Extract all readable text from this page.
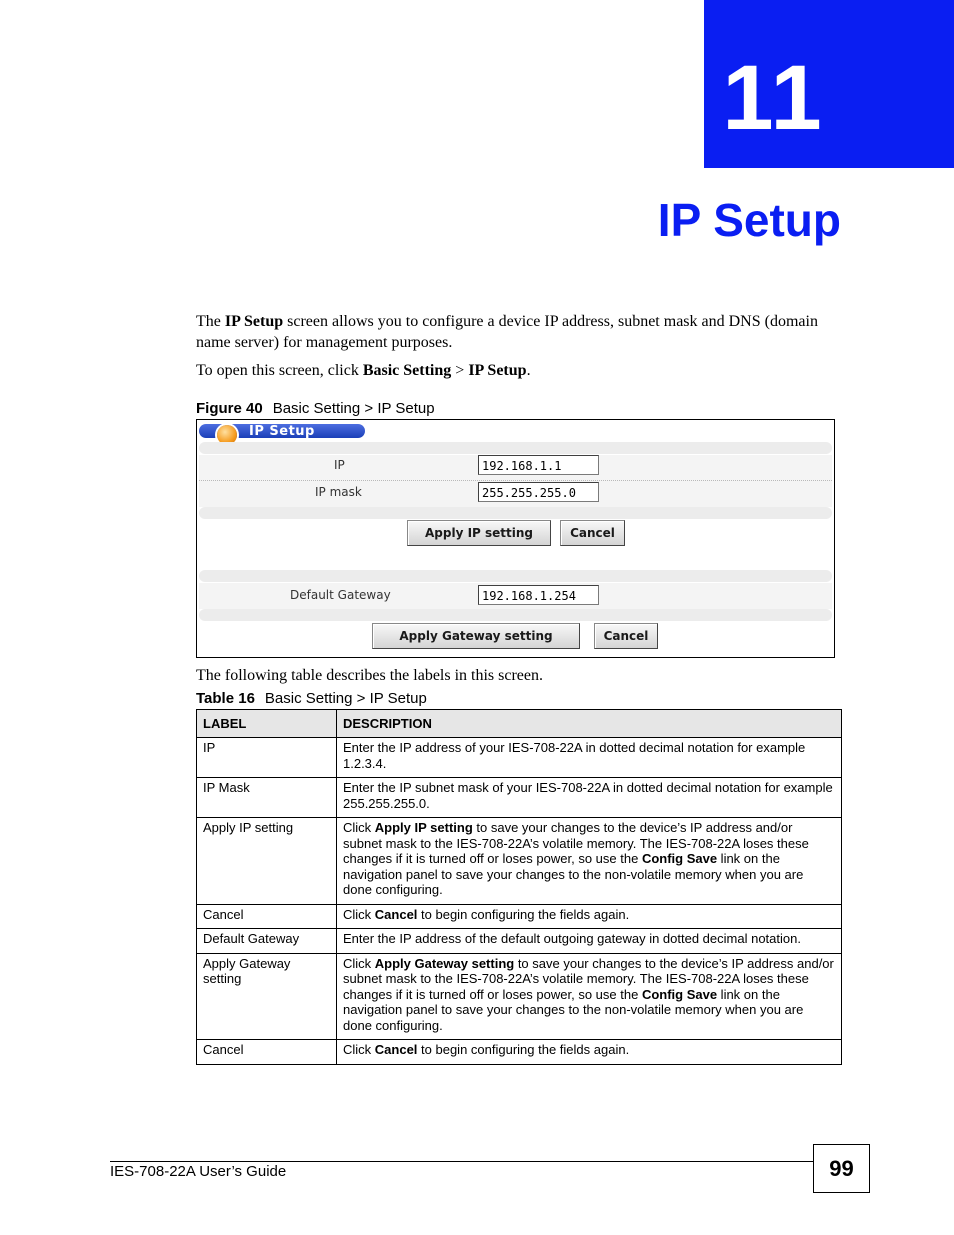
11
IP Setup
The IP Setup screen allows you to configure a device IP address, subnet mask and DNS (domain name server) for management purposes.
To open this screen, click Basic Setting > IP Setup.
Figure 40 Basic Setting > IP Setup
IP Setup
IP	192.168.1.1
IP mask	255.255.255.0
Apply IP setting	Cancel
Default Gateway	192.168.1.254
Apply Gateway setting	Cancel
The following table describes the labels in this screen.
Table 16 Basic Setting > IP Setup
LABEL	DESCRIPTION
IP	Enter the IP address of your IES-708-22A in dotted decimal notation for example 1.2.3.4.
IP Mask	Enter the IP subnet mask of your IES-708-22A in dotted decimal notation for example 255.255.255.0.
Apply IP setting	Click Apply IP setting to save your changes to the device’s IP address and/or subnet mask to the IES-708-22A’s volatile memory. The IES-708-22A loses these changes if it is turned off or loses power, so use the Config Save link on the navigation panel to save your changes to the non-volatile memory when you are done configuring.
Cancel	Click Cancel to begin configuring the fields again.
Default Gateway	Enter the IP address of the default outgoing gateway in dotted decimal notation.
Apply Gateway setting	Click Apply Gateway setting to save your changes to the device’s IP address and/or subnet mask to the IES-708-22A’s volatile memory. The IES-708-22A loses these changes if it is turned off or loses power, so use the Config Save link on the navigation panel to save your changes to the non-volatile memory when you are done configuring.
Cancel	Click Cancel to begin configuring the fields again.
IES-708-22A User’s Guide	99
